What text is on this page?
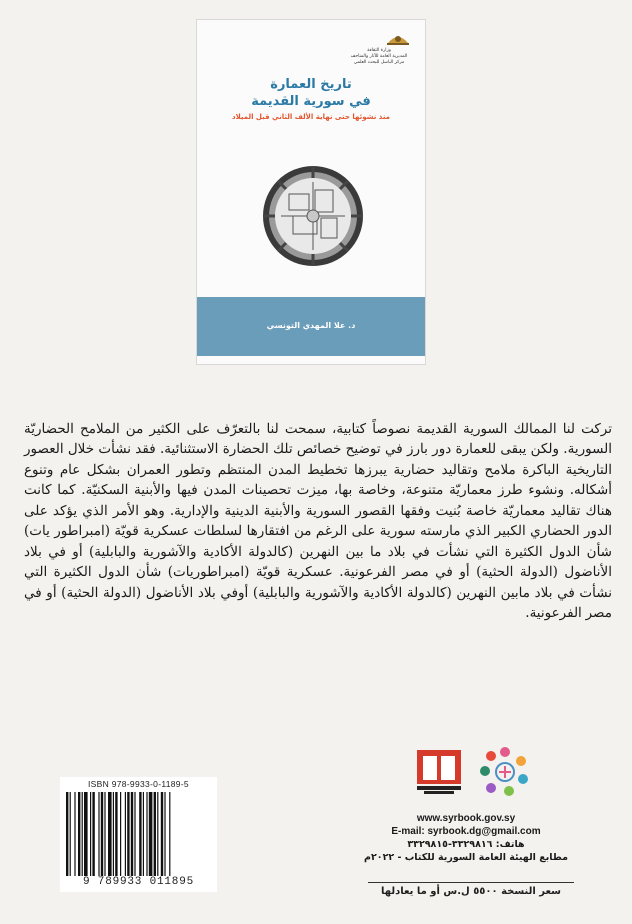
وزارة الثقافة
المديرية العامة للآثار والمتاحف
مركز الباسل للبحث العلمي
تاريخ العمارة
في سورية القديمة
منذ نشوئها حتى نهاية الألف الثاني قبل الميلاد
د. علا المهدي التونسي

تركت لنا الممالك السورية القديمة نصوصاً كتابية، سمحت لنا بالتعرّف على الكثير من الملامح الحضاريّة السورية. ولكن يبقى للعمارة دور بارز في توضيح خصائص تلك الحضارة الاستثنائية. فقد نشأت خلال العصور التاريخية الباكرة ملامح وتقاليد حضارية يبرزها تخطيط المدن المنتظم وتطور العمران بشكل عام وتنوع أشكاله. ونشوء طرز معماريّة متنوعة، وخاصة بها، ميزت تحصينات المدن فيها والأبنية السكنيّة. كما كانت هناك تقاليد معماريّة خاصة بُنيت وفقها القصور السورية والأبنية الدينية والإدارية. وهو الأمر الذي يؤكد على الدور الحضاري الكبير الذي مارسته سورية على الرغم من افتقارها لسلطات عسكرية قويّة (امبراطور يات) شأن الدول الكثيرة التي نشأت في بلاد ما بين النهرين (كالدولة الأكادية والآشورية والبابلية) أو في بلاد الأناضول (الدولة الحثية) أو في مصر الفرعونية. عسكرية قويّة (امبراطوريات) شأن الدول الكثيرة التي نشأت في بلاد مابين النهرين (كالدولة الأكادية والآشورية والبابلية) أوفي بلاد الأناضول (الدولة الحثية) أو في مصر الفرعونية.

ISBN 978-9933-0-1189-5
9 789933 011895
www.syrbook.gov.sy
E-mail: syrbook.dg@gmail.com
هاتف: ٣٣٢٩٨١٦-٣٣٢٩٨١٥
مطابع الهيئة العامة السورية للكتاب - ٢٠٢٢م
سعر النسخة ٥٥٠٠ ل.س أو ما يعادلها
